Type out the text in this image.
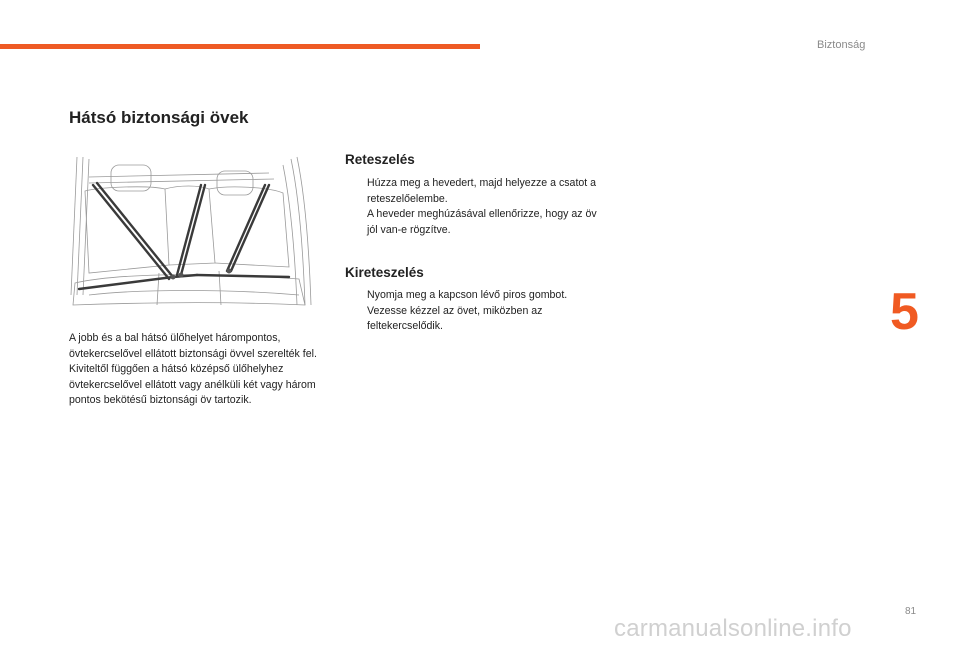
Biztonság
5
Hátsó biztonsági övek

A jobb és a bal hátsó ülőhelyet hárompontos, övtekercselővel ellátott biztonsági övvel szerelték fel.

Kiviteltől függően a hátsó középső ülőhelyhez övtekercselővel ellátott vagy anélküli két vagy három pontos bekötésű biztonsági öv tartozik.

Reteszelés
Húzza meg a hevedert, majd helyezze a csatot a reteszelőelembe.
A heveder meghúzásával ellenőrizze, hogy az öv jól van-e rögzítve.
Kireteszelés
Nyomja meg a kapcson lévő piros gombot.
Vezesse kézzel az övet, miközben az feltekercselődik.
81
carmanualsonline.info
